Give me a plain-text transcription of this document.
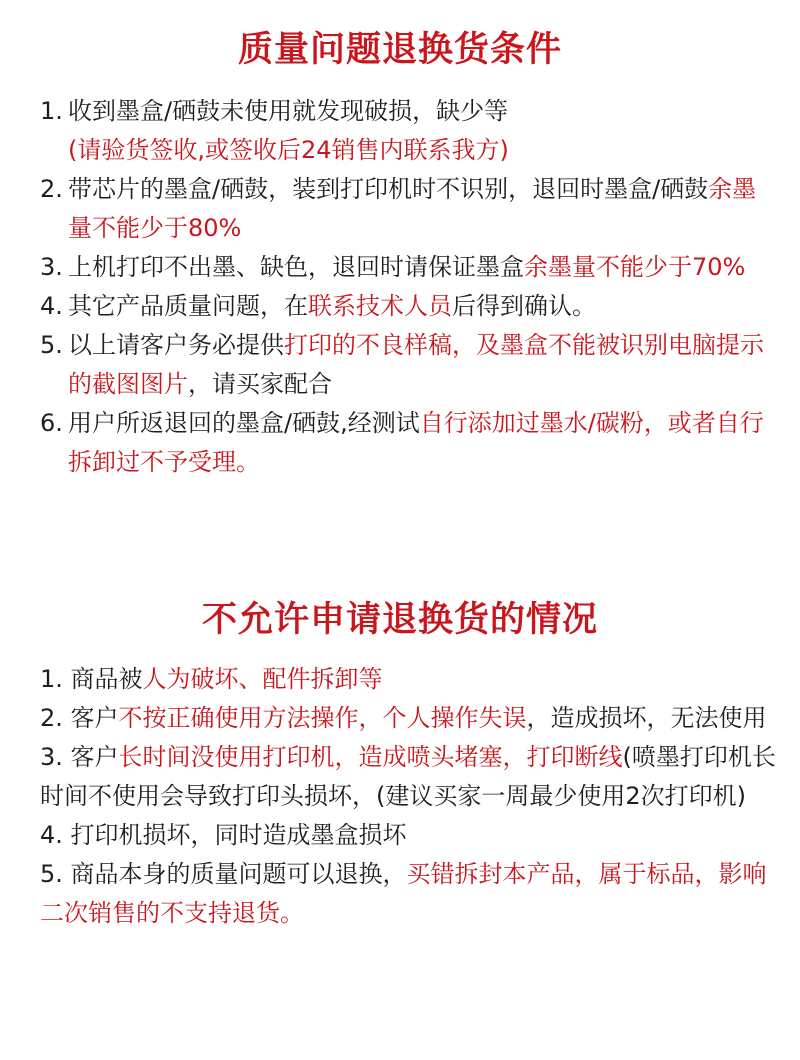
质量问题退换货条件
1. 收到墨盒/硒鼓未使用就发现破损，缺少等
(请验货签收,或签收后24销售内联系我方)
2. 带芯片的墨盒/硒鼓，装到打印机时不识别，退回时墨盒/硒鼓余墨量不能少于80%
3. 上机打印不出墨、缺色，退回时请保证墨盒余墨量不能少于70%
4. 其它产品质量问题，在联系技术人员后得到确认。
5. 以上请客户务必提供打印的不良样稿，及墨盒不能被识别电脑提示的截图图片，请买家配合
6. 用户所返退回的墨盒/硒鼓,经测试自行添加过墨水/碳粉，或者自行拆卸过不予受理。
不允许申请退换货的情况
1. 商品被人为破坏、配件拆卸等
2. 客户不按正确使用方法操作，个人操作失误，造成损坏，无法使用
3. 客户长时间没使用打印机，造成喷头堵塞，打印断线(喷墨打印机长时间不使用会导致打印头损坏，(建议买家一周最少使用2次打印机)
4. 打印机损坏，同时造成墨盒损坏
5. 商品本身的质量问题可以退换，买错拆封本产品，属于标品，影响二次销售的不支持退货。
